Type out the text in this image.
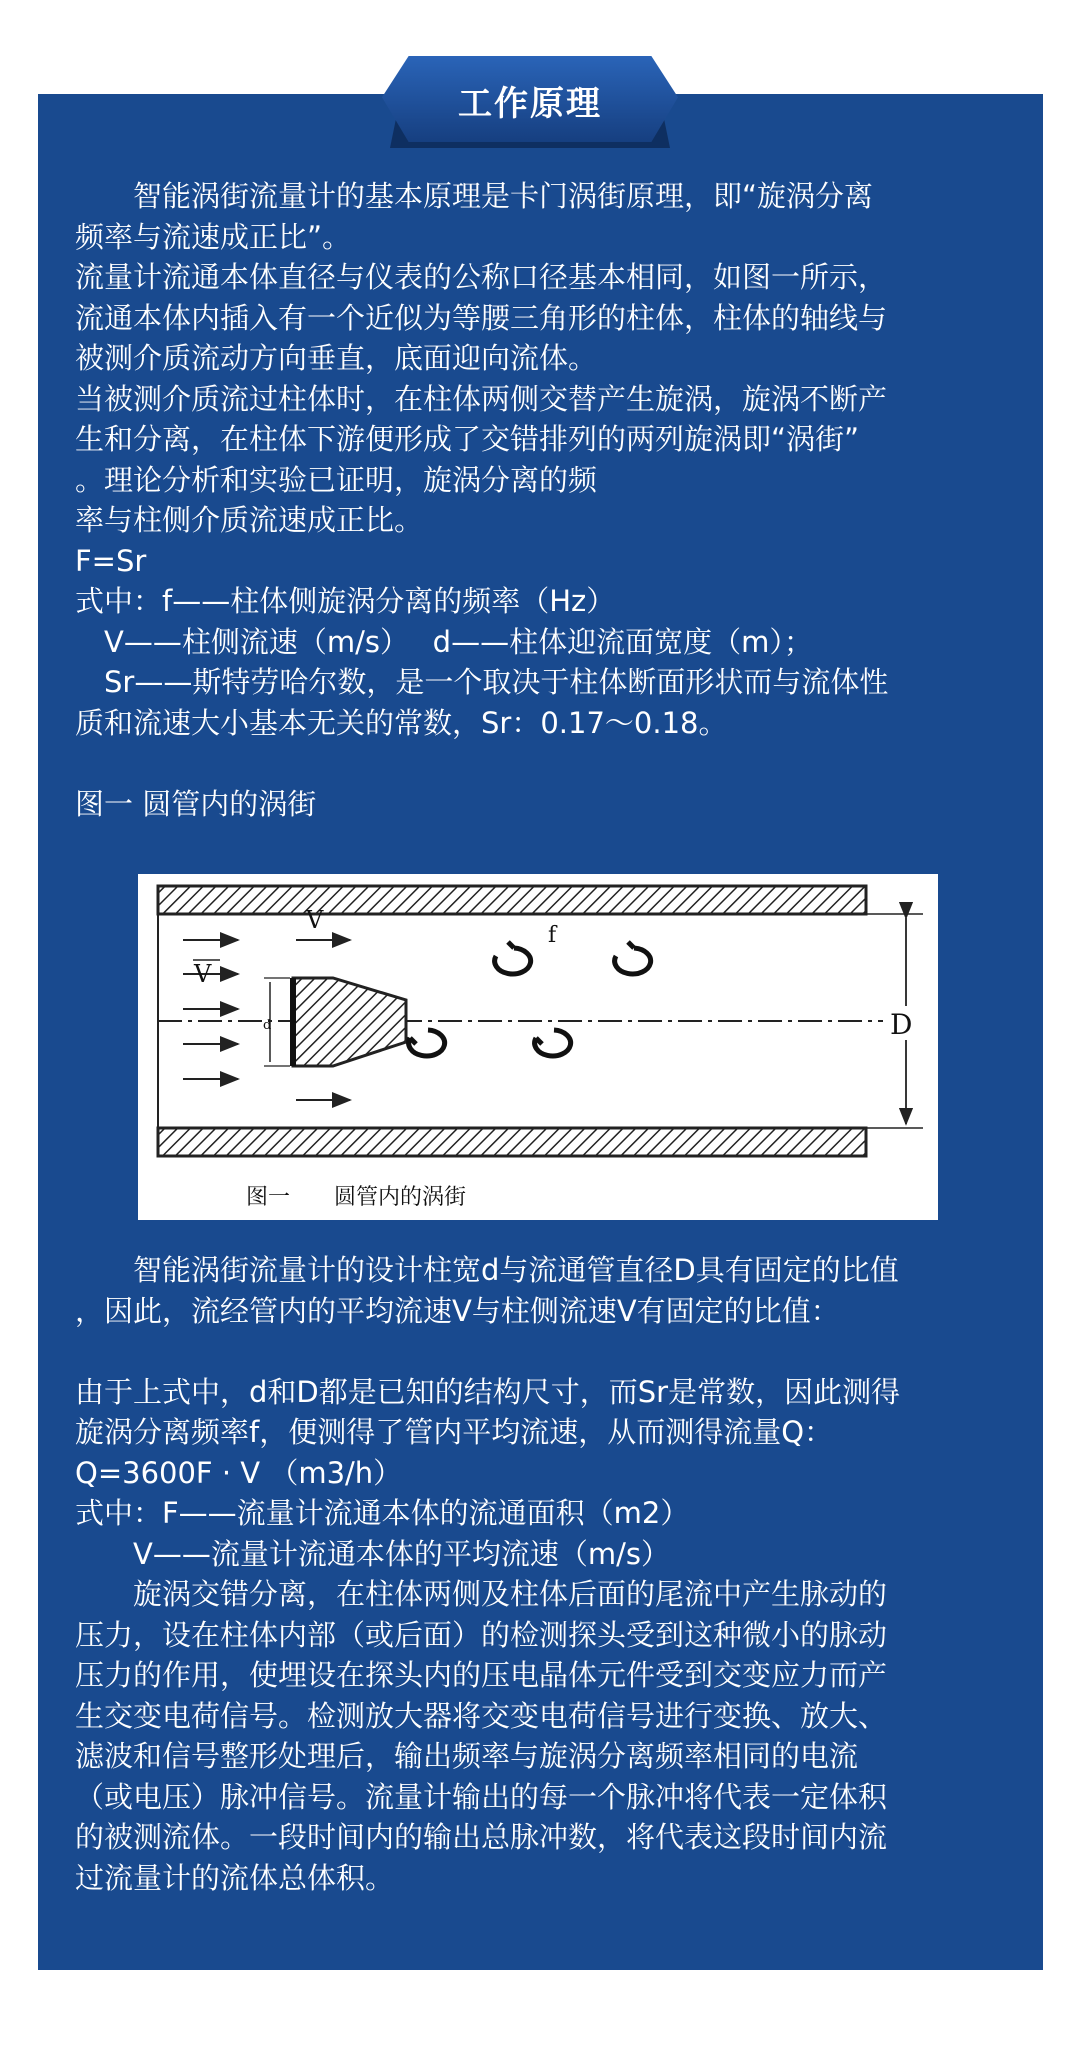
工作原理

　　智能涡街流量计的基本原理是卡门涡街原理，即“旋涡分离

频率与流速成正比”。

流量计流通本体直径与仪表的公称口径基本相同，如图一所示，

流通本体内插入有一个近似为等腰三角形的柱体，柱体的轴线与

被测介质流动方向垂直，底面迎向流体。

当被测介质流过柱体时，在柱体两侧交替产生旋涡，旋涡不断产

生和分离，在柱体下游便形成了交错排列的两列旋涡即“涡街”

。理论分析和实验已证明，旋涡分离的频

率与柱侧介质流速成正比。

F=Sr

式中：f——柱体侧旋涡分离的频率（Hz）

　V——柱侧流速（m/s）　 d——柱体迎流面宽度（m）；

　Sr——斯特劳哈尔数，是一个取决于柱体断面形状而与流体性

质和流速大小基本无关的常数，Sr：0.17～0.18。

图一 圆管内的涡街

D
d
V
V
f
图一　　圆管内的涡街

　　智能涡街流量计的设计柱宽d与流通管直径D具有固定的比值

，因此，流经管内的平均流速V与柱侧流速V有固定的比值：

由于上式中，d和D都是已知的结构尺寸，而Sr是常数，因此测得

旋涡分离频率f，便测得了管内平均流速，从而测得流量Q：

Q=3600F · V （m3/h）

式中：F——流量计流通本体的流通面积（m2）

　　V——流量计流通本体的平均流速（m/s）

　　旋涡交错分离，在柱体两侧及柱体后面的尾流中产生脉动的

压力，设在柱体内部（或后面）的检测探头受到这种微小的脉动

压力的作用，使埋设在探头内的压电晶体元件受到交变应力而产

生交变电荷信号。检测放大器将交变电荷信号进行变换、放大、

滤波和信号整形处理后，输出频率与旋涡分离频率相同的电流

（或电压）脉冲信号。流量计输出的每一个脉冲将代表一定体积

的被测流体。一段时间内的输出总脉冲数，将代表这段时间内流

过流量计的流体总体积。
